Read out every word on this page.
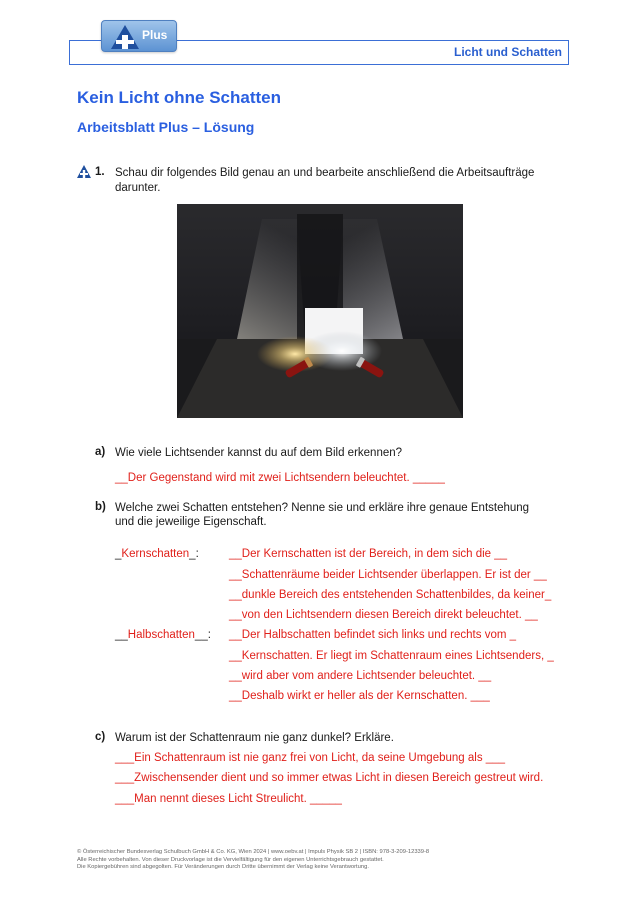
Licht und Schatten
Plus
Kein Licht ohne Schatten
Arbeitsblatt Plus – Lösung
1. Schau dir folgendes Bild genau an und bearbeite anschließend die Arbeitsaufträge darunter.
a) Wie viele Lichtsender kannst du auf dem Bild erkennen?
__Der Gegenstand wird mit zwei Lichtsendern beleuchtet. _____
b) Welche zwei Schatten entstehen? Nenne sie und erkläre ihre genaue Entstehung
und die jeweilige Eigenschaft.
_Kernschatten_:	__Der Kernschatten ist der Bereich, in dem sich die __
__Schattenräume beider Lichtsender überlappen. Er ist der __
__dunkle Bereich des entstehenden Schattenbildes, da keiner_
__von den Lichtsendern diesen Bereich direkt beleuchtet. __
__Halbschatten__: __Der Halbschatten befindet sich links und rechts vom _
__Kernschatten. Er liegt im Schattenraum eines Lichtsenders, _
__wird aber vom andere Lichtsender beleuchtet. __
__Deshalb wirkt er heller als der Kernschatten. ___
c) Warum ist der Schattenraum nie ganz dunkel? Erkläre.
___Ein Schattenraum ist nie ganz frei von Licht, da seine Umgebung als ___
___Zwischensender dient und so immer etwas Licht in diesen Bereich gestreut wird.
___Man nennt dieses Licht Streulicht. _____
© Österreichischer Bundesverlag Schulbuch GmbH & Co. KG, Wien 2024 | www.oebv.at | Impuls Physik SB 2 | ISBN: 978-3-209-12339-8
Alle Rechte vorbehalten. Von dieser Druckvorlage ist die Vervielfältigung für den eigenen Unterrichtsgebrauch gestattet.
Die Kopiergebühren sind abgegolten. Für Veränderungen durch Dritte übernimmt der Verlag keine Verantwortung.
